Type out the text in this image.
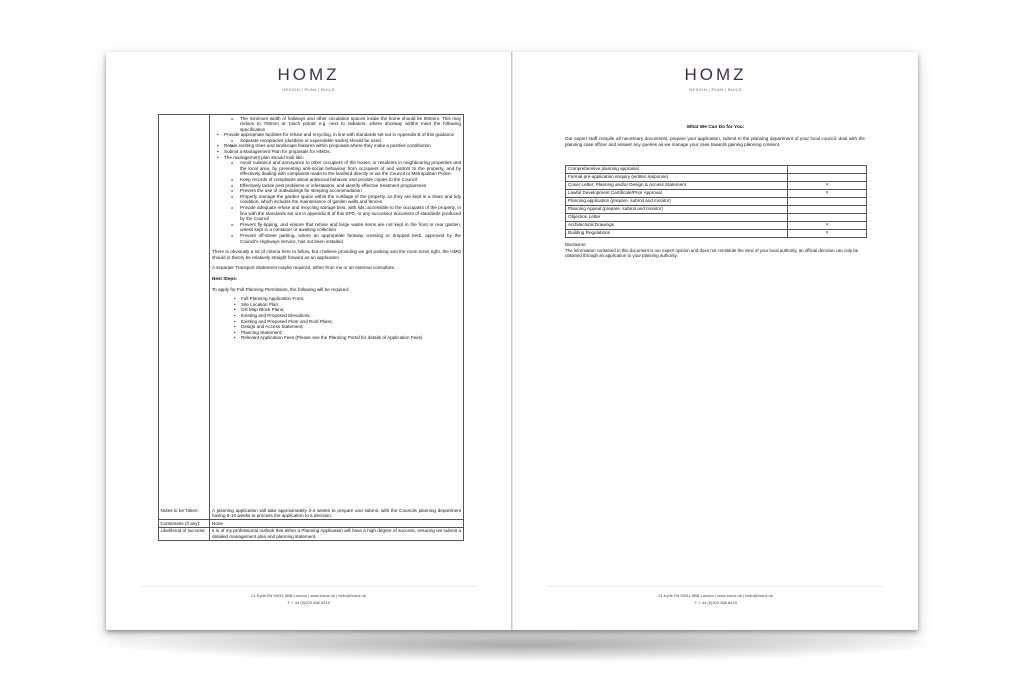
HOMZ
DESIGN | PLAN | BUILD
o The minimum width of hallways and other circulation spaces inside the home should be 900mm. This may reduce to 750mm at 'pinch points' e.g. next to radiators, where doorway widths meet the following specification
• Provide appropriate facilities for refuse and recycling, in line with standards set out in Appendix B of this guidance
o Separate receptacles (dustbins or expendable sacks) should be used.
• Retain existing trees and landscape features within proposals where they make a positive contribution
• Submit a Management Plan for proposals for HMOs.
• The management plan should look like:
o Avoid nuisance and annoyance to other occupiers of the house, or residents in neighbouring properties and the local area, by preventing anti-social behaviour from occupiers of and visitors to the property, and by effectively dealing with complaints made to the landlord directly or via the Council or Metropolitan Police.
o Keep records of complaints about antisocial behavior and provide copies to the Council
o Effectively tackle pest problems or infestations, and identify effective treatment programmes
o Prevent the use of outbuildings for sleeping accommodation
o Properly manage the garden space within the curtilage of the property, so they are kept in a clean and tidy condition, which includes the maintenance of garden walls and fences
o Provide adequate refuse and recycling storage bins, with lids, accessible to the occupants of the property, in line with the standards set out in appendix B of this SPD, or any successor document of standards produced by the Council
o Prevent fly-tipping, and ensure that refuse and large waste items are not kept in the front or rear garden, unless kept in a container or awaiting collection
o Prevent off-street parking, where an appropriate footway crossing or dropped kerb, approved by the Council's Highways service, has not been installed
There is obviously a lot of criteria here to follow, but I believe providing we get parking and the room sizes right, the HMO should in theory be relatively straight forward as an application.
A separate Transport Statement maybe required, either from me or an external consultant.
Next Steps:
To apply for Full Planning Permission, the following will be required:
• Full Planning Application Form;
• Site Location Plan;
• OS Map Block Plans;
• Existing and Proposed Elevations;
• Existing and Proposed Floor and Roof Plans;
• Design and Access Statement;
• Planning Statement;
• Relevant Application Fees (Please see the Planning Portal for details of Application Fees)
Notes to be Taken:	A planning application will take approximately 3-4 weeks to prepare and submit, with the Councils planning department having 8-10 weeks to process the application to a decision.
Constraints (if any):	None
Likelihood of success:	It is of my professional outlook that either a Planning Application will have a high degree of success, ensuring we submit a detailed management plan and planning statement.
21 Kyrle Rd SW11 6BB London | www.homz.uk | hello@homz.uk
T: + 44 (0)203 488 8415
HOMZ
DESIGN | PLAN | BUILD
What We Can Do for You:
Our expert staff compile all necessary documents, prepare your application, submit to the planning department of your local council, deal with the planning case officer and answer any queries as we manage your case towards gaining planning consent.
Comprehensive planning appraisal
Formal pre-application enquiry (written response)
Cover Letter; Planning and/or Design & Access Statement	Y
Lawful Development Certificate/Prior Approval	Y
Planning application (prepare, submit and monitor)
Planning Appeal (prepare, submit and monitor)
Objection Letter
Architectural Drawings	Y
Building Regulations	Y
Disclaimer:
The information contained in this document is our expert opinion and does not constitute the view of your local authority, an official decision can only be obtained through an application to your planning authority.
21 Kyrle Rd SW11 6BB London | www.homz.uk | hello@homz.uk
T: + 44 (0)203 488 8415
